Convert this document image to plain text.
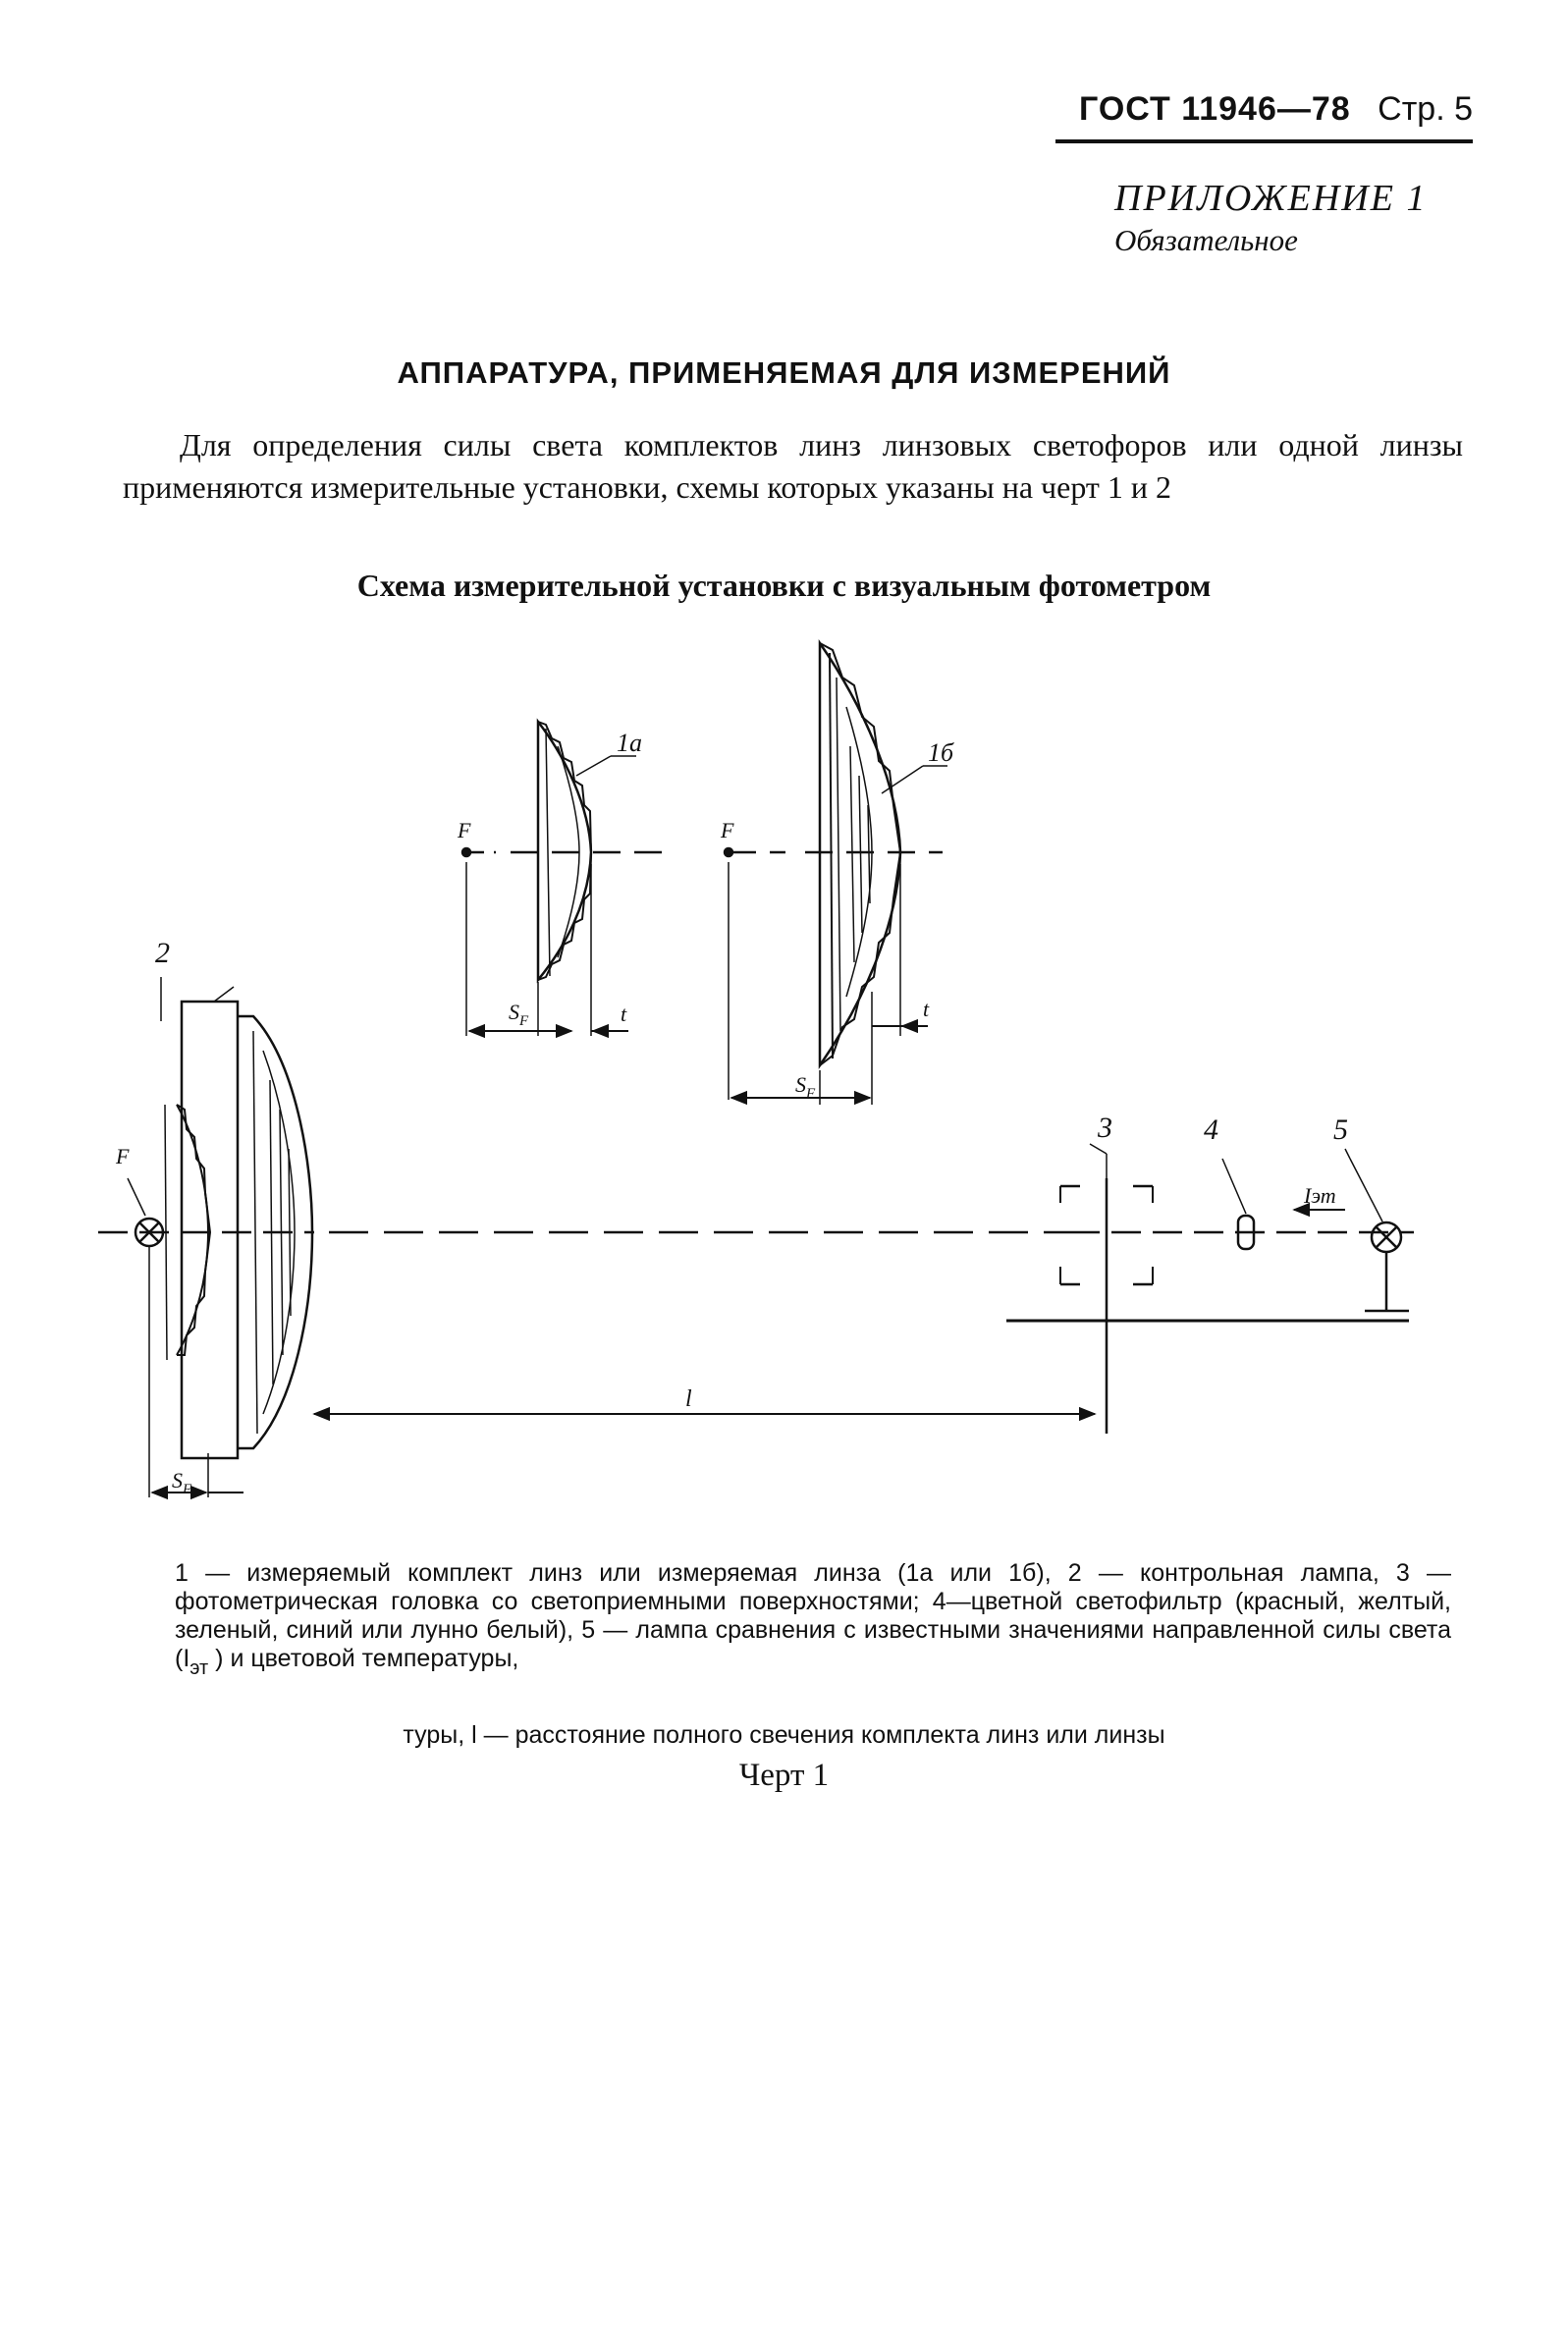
ГОСТ 11946—78 Стр. 5
ПРИЛОЖЕНИЕ 1
Обязательное
АППАРАТУРА, ПРИМЕНЯЕМАЯ ДЛЯ ИЗМЕРЕНИЙ

Для определения силы света комплектов линз линзовых светофоров или одной линзы применяются измерительные установки, схемы которых указаны на черт 1 и 2

Схема измерительной установки с визуальным фотометром
1а	1б
F	F
F
$S_F$
$S_F$
$S_F$
t	t
l
2
3	4	5
Iэт

1 — измеряемый комплект линз или измеряемая линза (1а или 1б), 2 — контрольная лампа, 3 — фотометрическая головка со светоприемными поверхностями; 4—цветной светофильтр (красный, желтый, зеленый, синий или лунно белый), 5 — лампа сравнения с известными значениями направленной силы света ($I_{эт}$ ) и цветовой температуры,

туры, l — расстояние полного свечения комплекта линз или линзы

Черт 1
